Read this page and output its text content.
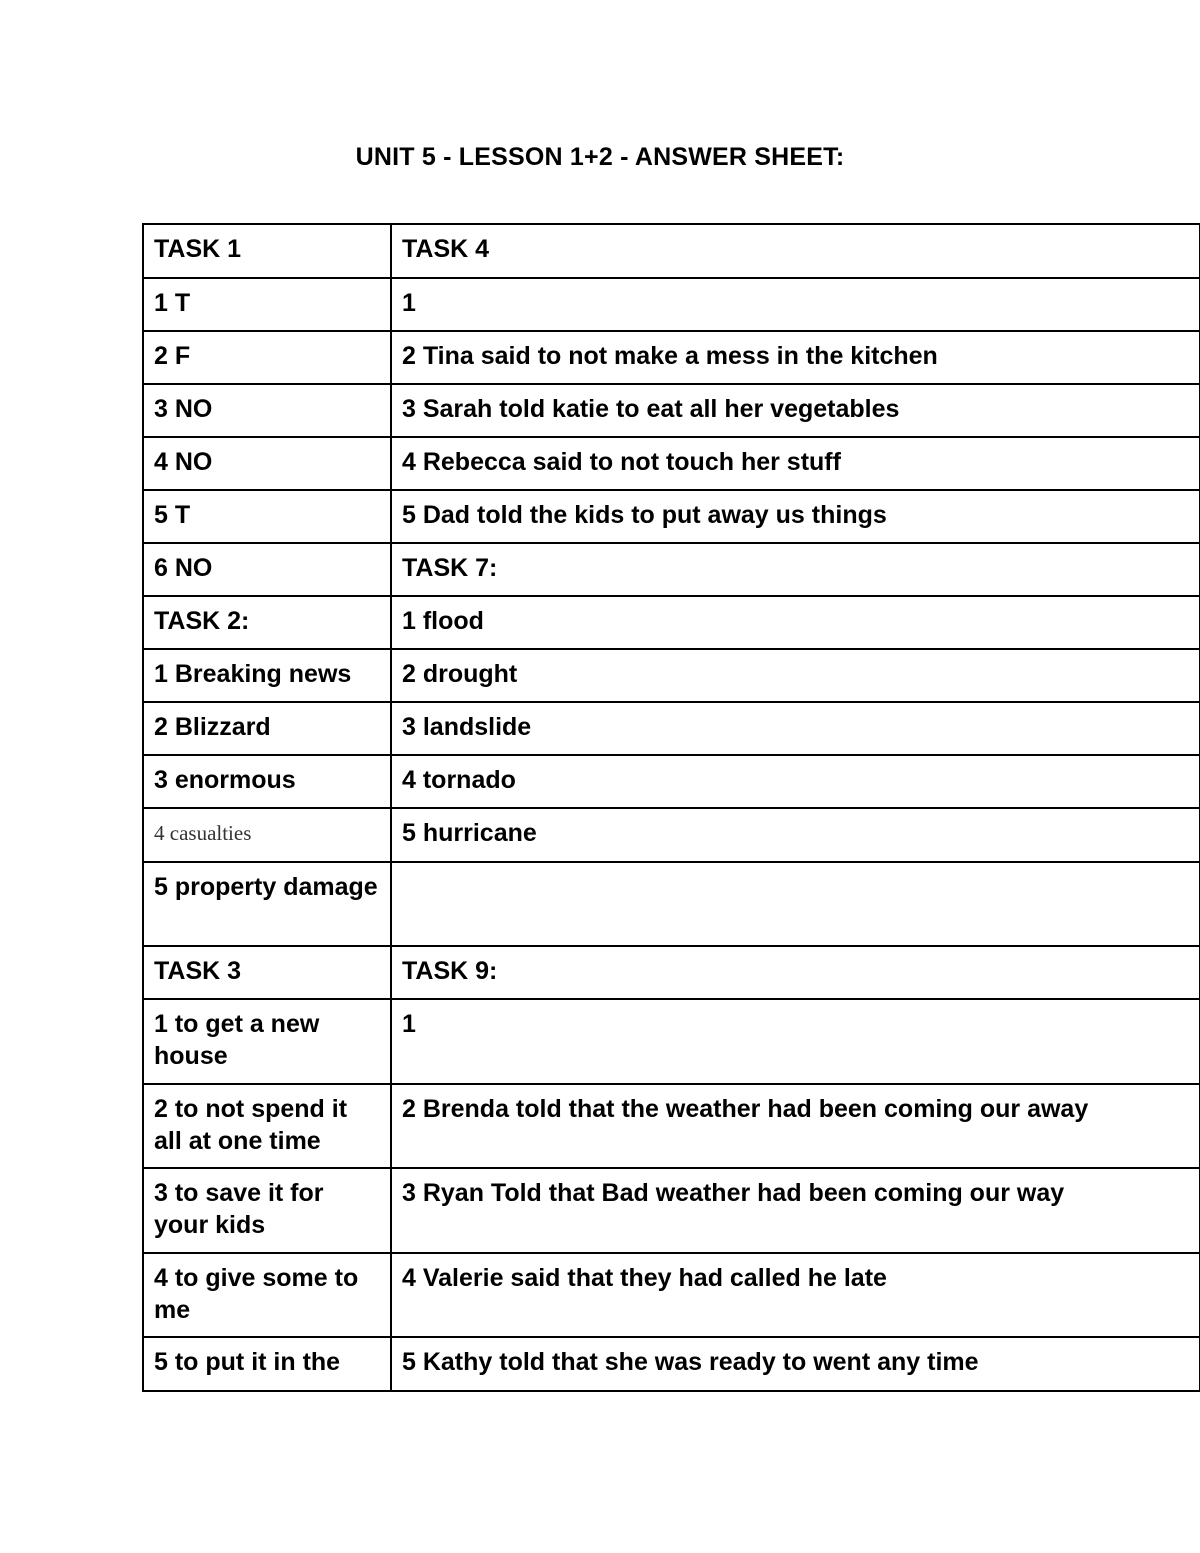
UNIT 5 - LESSON 1+2 - ANSWER SHEET:
TASK 1	TASK 4
1 T	1
2 F	2 Tina said to not make a mess in the kitchen
3 NO	3 Sarah told katie to eat all her vegetables
4 NO	4 Rebecca said to not touch her stuff
5 T	5 Dad told the kids to put away us things
6 NO	TASK 7:
TASK 2:	1 flood
1 Breaking news	2 drought
2 Blizzard	3 landslide
3 enormous	4 tornado
4 casualties	5 hurricane
5 property damage	
TASK 3	TASK 9:
1 to get a new house	1
2 to not spend it all at one time	2 Brenda told that the weather had been coming our away
3 to save it for your kids	3 Ryan Told that Bad weather had been coming our way
4 to give some to me	4 Valerie said that they had called he late
5 to put it in the	5 Kathy told that she was ready to went any time
